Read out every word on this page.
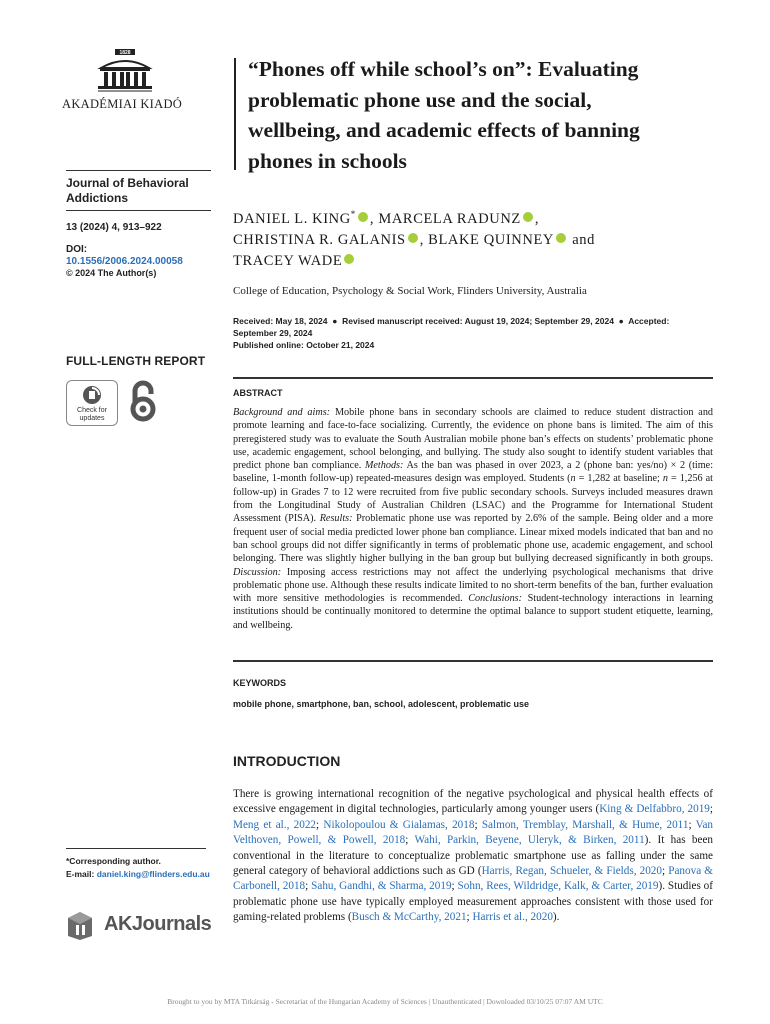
1828
AKADÉMIAI KIADÓ
Journal of Behavioral Addictions
13 (2024) 4, 913–922
DOI:
10.1556/2006.2024.00058
© 2024 The Author(s)
FULL-LENGTH REPORT
Check for
updates
*Corresponding author.
E-mail: daniel.king@flinders.edu.au
AKJournals
“Phones off while school’s on”: Evaluating problematic phone use and the social, wellbeing, and academic effects of banning phones in schools
DANIEL L. KING* , MARCELA RADUNZ ,
CHRISTINA R. GALANIS , BLAKE QUINNEY and
TRACEY WADE
College of Education, Psychology & Social Work, Flinders University, Australia
Received: May 18, 2024  ●  Revised manuscript received: August 19, 2024; September 29, 2024  ●  Accepted: September 29, 2024
Published online: October 21, 2024
ABSTRACT
Background and aims: Mobile phone bans in secondary schools are claimed to reduce student distraction and promote learning and face-to-face socializing. Currently, the evidence on phone bans is limited. The aim of this preregistered study was to evaluate the South Australian mobile phone ban’s effects on students’ problematic phone use, academic engagement, school belonging, and bullying. The study also sought to identify student variables that predict phone ban compliance. Methods: As the ban was phased in over 2023, a 2 (phone ban: yes/no) × 2 (time: baseline, 1-month follow-up) repeated-measures design was employed. Students (n = 1,282 at baseline; n = 1,256 at follow-up) in Grades 7 to 12 were recruited from five public secondary schools. Surveys included measures drawn from the Longitudinal Study of Australian Children (LSAC) and the Programme for International Student Assessment (PISA). Results: Problematic phone use was reported by 2.6% of the sample. Being older and a more frequent user of social media predicted lower phone ban compliance. Linear mixed models indicated that ban and no ban school groups did not differ significantly in terms of problematic phone use, academic engagement, and school belonging. There was slightly higher bullying in the ban group but bullying decreased significantly in both groups. Discussion: Imposing access restrictions may not affect the underlying psychological mechanisms that drive problematic phone use. Although these results indicate limited to no short-term benefits of the ban, further evaluation with more sensitive methodologies is recommended. Conclusions: Student-technology interactions in learning institutions should be continually monitored to determine the optimal balance to support student etiquette, learning, and wellbeing.
KEYWORDS
mobile phone, smartphone, ban, school, adolescent, problematic use
INTRODUCTION
There is growing international recognition of the negative psychological and physical health effects of excessive engagement in digital technologies, particularly among younger users (King & Delfabbro, 2019; Meng et al., 2022; Nikolopoulou & Gialamas, 2018; Salmon, Tremblay, Marshall, & Hume, 2011; Van Velthoven, Powell, & Powell, 2018; Wahi, Parkin, Beyene, Uleryk, & Birken, 2011). It has been conventional in the literature to conceptualize problematic smartphone use as falling under the same general category of behavioral addictions such as GD (Harris, Regan, Schueler, & Fields, 2020; Panova & Carbonell, 2018; Sahu, Gandhi, & Sharma, 2019; Sohn, Rees, Wildridge, Kalk, & Carter, 2019). Studies of problematic phone use have typically employed measurement approaches consistent with those used for gaming-related problems (Busch & McCarthy, 2021; Harris et al., 2020).
Brought to you by MTA Titkárság - Secretariat of the Hungarian Academy of Sciences | Unauthenticated | Downloaded 03/10/25 07:07 AM UTC
